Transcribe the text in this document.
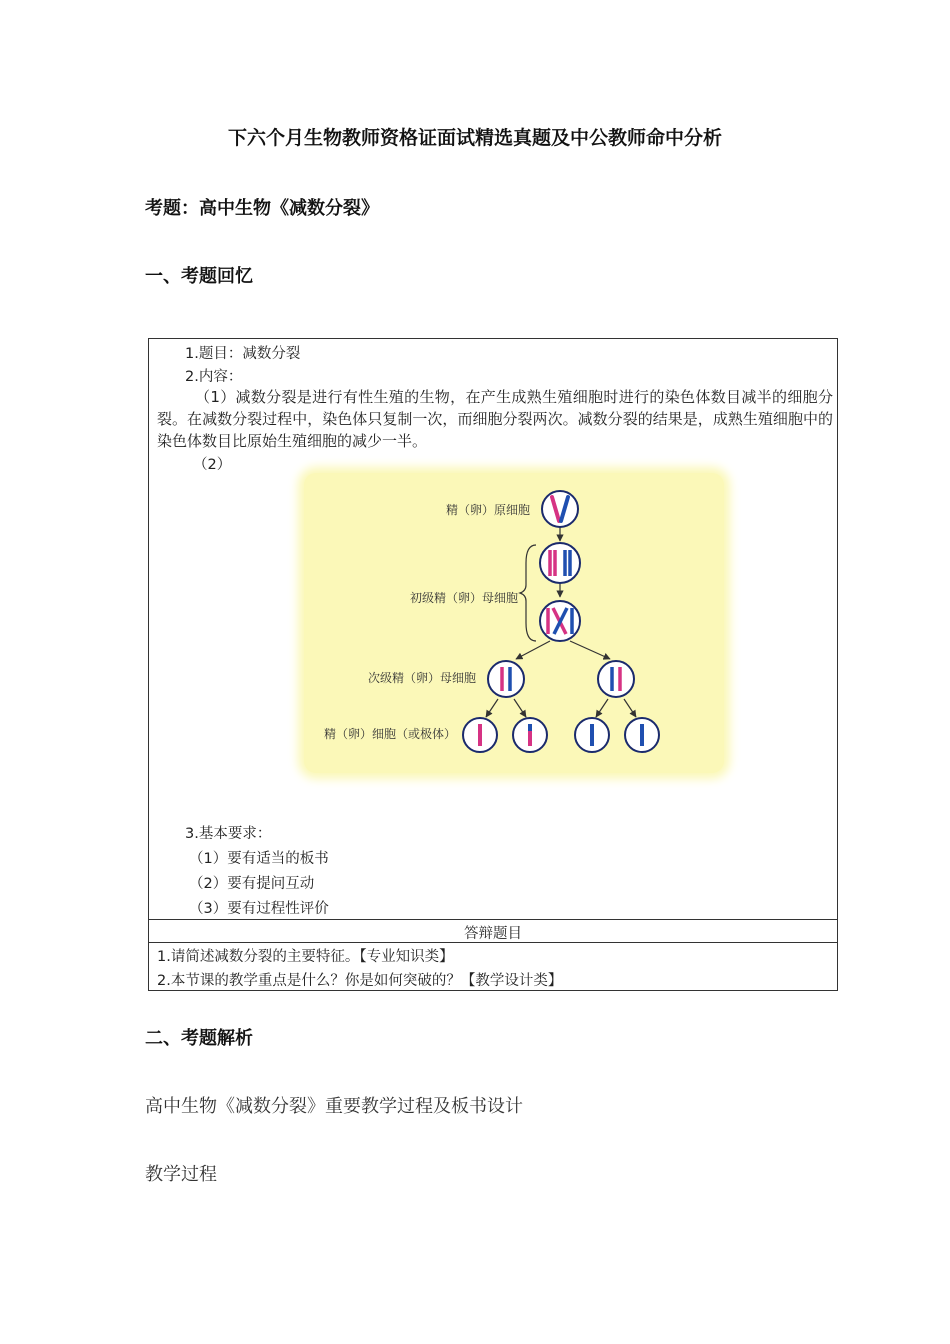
下六个月生物教师资格证面试精选真题及中公教师命中分析
考题：高中生物《减数分裂》
一、考题回忆
1.题目：减数分裂
2.内容：
（1）减数分裂是进行有性生殖的生物，在产生成熟生殖细胞时进行的染色体数目减半的细胞分裂。在减数分裂过程中，染色体只复制一次，而细胞分裂两次。减数分裂的结果是，成熟生殖细胞中的染色体数目比原始生殖细胞的减少一半。
（2）
精（卵）原细胞
初级精（卵）母细胞
次级精（卵）母细胞
精（卵）细胞（或极体）
3.基本要求：
（1）要有适当的板书
（2）要有提问互动
（3）要有过程性评价
答辩题目
1.请简述减数分裂的主要特征。【专业知识类】
2.本节课的教学重点是什么？你是如何突破的？【教学设计类】
二、考题解析
高中生物《减数分裂》重要教学过程及板书设计
教学过程
